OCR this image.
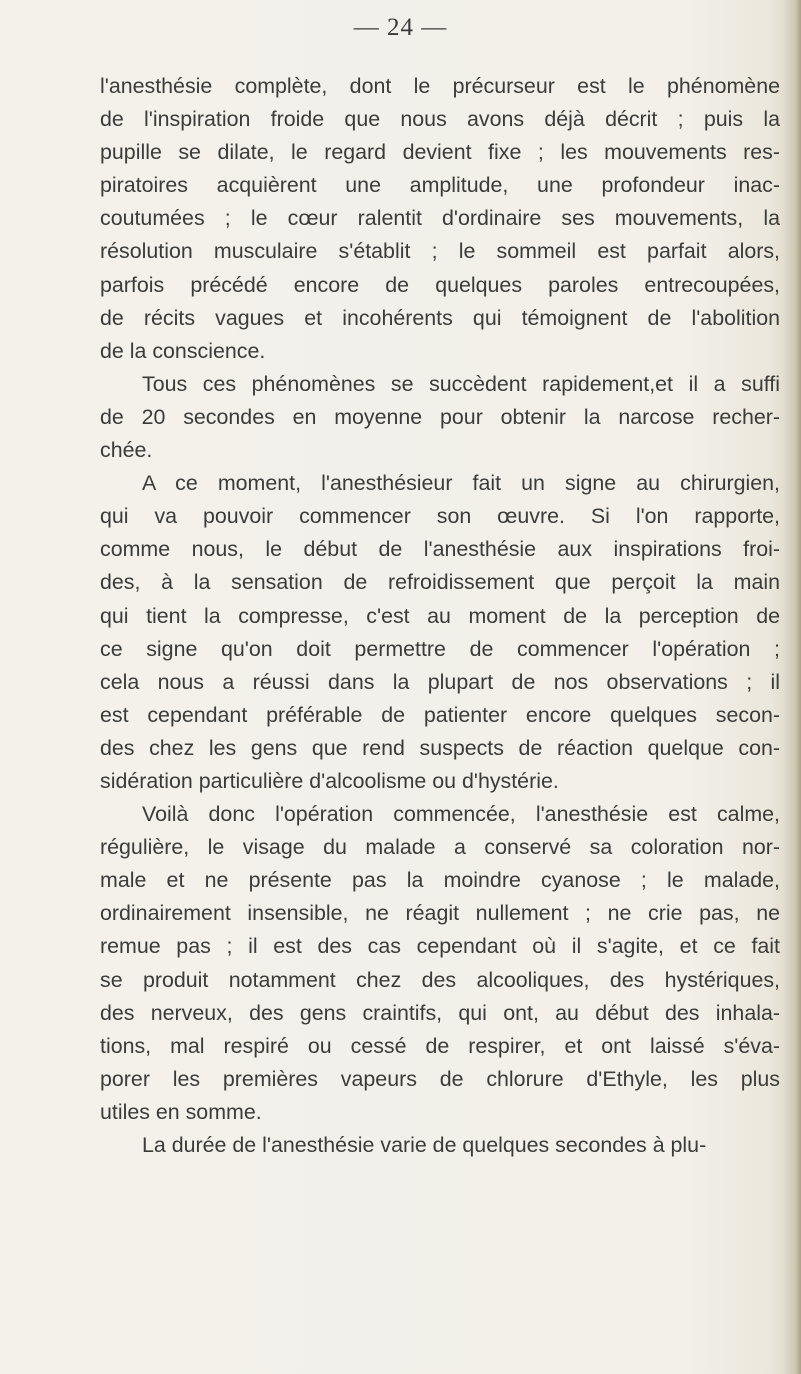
— 24 —
l'anesthésie complète, dont le précurseur est le phénomène
de l'inspiration froide que nous avons déjà décrit ; puis la
pupille se dilate, le regard devient fixe ; les mouvements res-
piratoires acquièrent une amplitude, une profondeur inac-
coutumées ; le cœur ralentit d'ordinaire ses mouvements, la
résolution musculaire s'établit ; le sommeil est parfait alors,
parfois précédé encore de quelques paroles entrecoupées,
de récits vagues et incohérents qui témoignent de l'abolition
de la conscience.
Tous ces phénomènes se succèdent rapidement,et il a suffi
de 20 secondes en moyenne pour obtenir la narcose recher-
chée.
A ce moment, l'anesthésieur fait un signe au chirurgien,
qui va pouvoir commencer son œuvre. Si l'on rapporte,
comme nous, le début de l'anesthésie aux inspirations froi-
des, à la sensation de refroidissement que perçoit la main
qui tient la compresse, c'est au moment de la perception de
ce signe qu'on doit permettre de commencer l'opération ;
cela nous a réussi dans la plupart de nos observations ; il
est cependant préférable de patienter encore quelques secon-
des chez les gens que rend suspects de réaction quelque con-
sidération particulière d'alcoolisme ou d'hystérie.
Voilà donc l'opération commencée, l'anesthésie est calme,
régulière, le visage du malade a conservé sa coloration nor-
male et ne présente pas la moindre cyanose ; le malade,
ordinairement insensible, ne réagit nullement ; ne crie pas, ne
remue pas ; il est des cas cependant où il s'agite, et ce fait
se produit notamment chez des alcooliques, des hystériques,
des nerveux, des gens craintifs, qui ont, au début des inhala-
tions, mal respiré ou cessé de respirer, et ont laissé s'éva-
porer les premières vapeurs de chlorure d'Ethyle, les plus
utiles en somme.
La durée de l'anesthésie varie de quelques secondes à plu-
